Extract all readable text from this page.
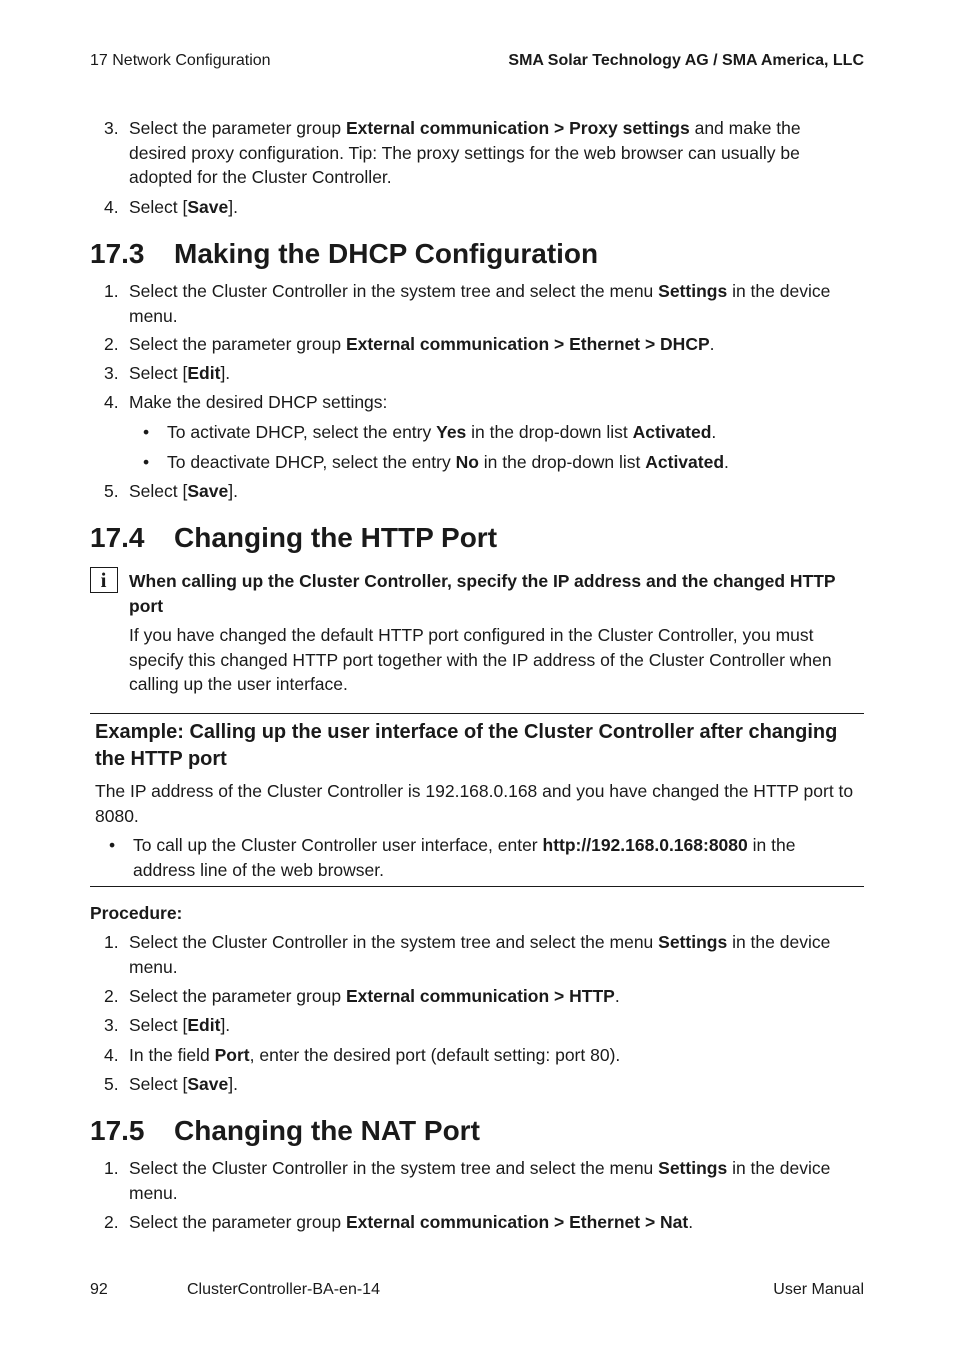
17 Network Configuration	SMA Solar Technology AG / SMA America, LLC
3. Select the parameter group External communication > Proxy settings and make the desired proxy configuration. Tip: The proxy settings for the web browser can usually be adopted for the Cluster Controller.
4. Select [Save].
17.3 Making the DHCP Configuration
1. Select the Cluster Controller in the system tree and select the menu Settings in the device menu.
2. Select the parameter group External communication > Ethernet > DHCP.
3. Select [Edit].
4. Make the desired DHCP settings:
• To activate DHCP, select the entry Yes in the drop-down list Activated.
• To deactivate DHCP, select the entry No in the drop-down list Activated.
5. Select [Save].
17.4 Changing the HTTP Port
i When calling up the Cluster Controller, specify the IP address and the changed HTTP port
If you have changed the default HTTP port configured in the Cluster Controller, you must specify this changed HTTP port together with the IP address of the Cluster Controller when calling up the user interface.
Example: Calling up the user interface of the Cluster Controller after changing the HTTP port
The IP address of the Cluster Controller is 192.168.0.168 and you have changed the HTTP port to 8080.
• To call up the Cluster Controller user interface, enter http://192.168.0.168:8080 in the address line of the web browser.
Procedure:
1. Select the Cluster Controller in the system tree and select the menu Settings in the device menu.
2. Select the parameter group External communication > HTTP.
3. Select [Edit].
4. In the field Port, enter the desired port (default setting: port 80).
5. Select [Save].
17.5 Changing the NAT Port
1. Select the Cluster Controller in the system tree and select the menu Settings in the device menu.
2. Select the parameter group External communication > Ethernet > Nat.
92	ClusterController-BA-en-14	User Manual
